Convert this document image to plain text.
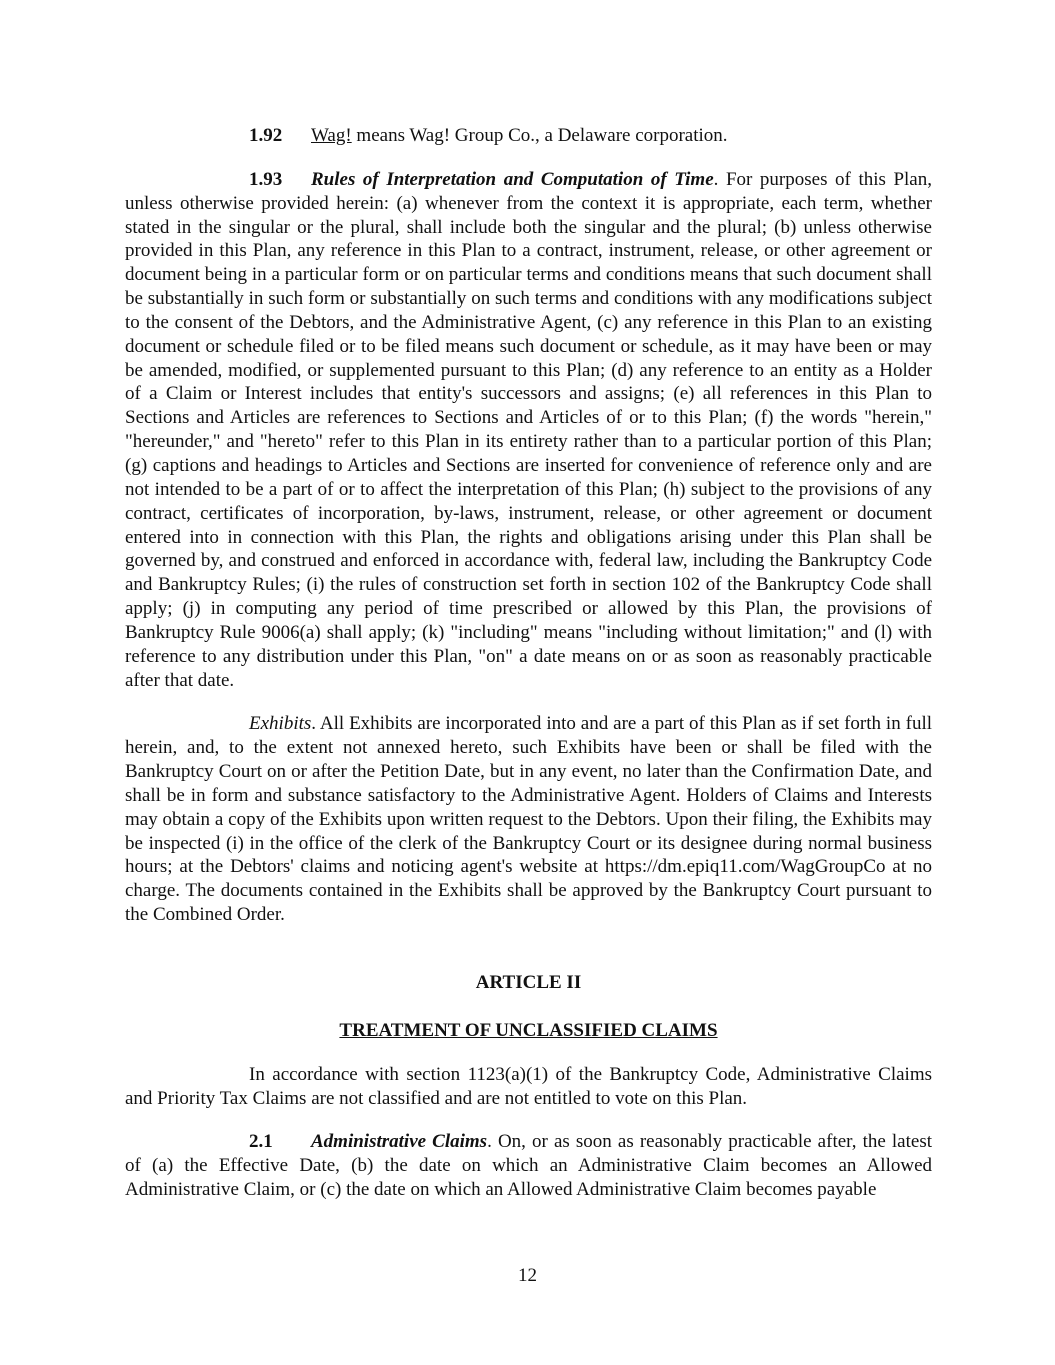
1.92 Wag! means Wag! Group Co., a Delaware corporation.

1.93 Rules of Interpretation and Computation of Time. For purposes of this Plan, unless otherwise provided herein: (a) whenever from the context it is appropriate, each term, whether stated in the singular or the plural, shall include both the singular and the plural; (b) unless otherwise provided in this Plan, any reference in this Plan to a contract, instrument, release, or other agreement or document being in a particular form or on particular terms and conditions means that such document shall be substantially in such form or substantially on such terms and conditions with any modifications subject to the consent of the Debtors, and the Administrative Agent, (c) any reference in this Plan to an existing document or schedule filed or to be filed means such document or schedule, as it may have been or may be amended, modified, or supplemented pursuant to this Plan; (d) any reference to an entity as a Holder of a Claim or Interest includes that entity's successors and assigns; (e) all references in this Plan to Sections and Articles are references to Sections and Articles of or to this Plan; (f) the words "herein," "hereunder," and "hereto" refer to this Plan in its entirety rather than to a particular portion of this Plan; (g) captions and headings to Articles and Sections are inserted for convenience of reference only and are not intended to be a part of or to affect the interpretation of this Plan; (h) subject to the provisions of any contract, certificates of incorporation, by-laws, instrument, release, or other agreement or document entered into in connection with this Plan, the rights and obligations arising under this Plan shall be governed by, and construed and enforced in accordance with, federal law, including the Bankruptcy Code and Bankruptcy Rules; (i) the rules of construction set forth in section 102 of the Bankruptcy Code shall apply; (j) in computing any period of time prescribed or allowed by this Plan, the provisions of Bankruptcy Rule 9006(a) shall apply; (k) "including" means "including without limitation;" and (l) with reference to any distribution under this Plan, "on" a date means on or as soon as reasonably practicable after that date.

Exhibits. All Exhibits are incorporated into and are a part of this Plan as if set forth in full herein, and, to the extent not annexed hereto, such Exhibits have been or shall be filed with the Bankruptcy Court on or after the Petition Date, but in any event, no later than the Confirmation Date, and shall be in form and substance satisfactory to the Administrative Agent. Holders of Claims and Interests may obtain a copy of the Exhibits upon written request to the Debtors. Upon their filing, the Exhibits may be inspected (i) in the office of the clerk of the Bankruptcy Court or its designee during normal business hours; at the Debtors' claims and noticing agent's website at https://dm.epiq11.com/WagGroupCo at no charge. The documents contained in the Exhibits shall be approved by the Bankruptcy Court pursuant to the Combined Order.

ARTICLE II

TREATMENT OF UNCLASSIFIED CLAIMS

In accordance with section 1123(a)(1) of the Bankruptcy Code, Administrative Claims and Priority Tax Claims are not classified and are not entitled to vote on this Plan.

2.1 Administrative Claims. On, or as soon as reasonably practicable after, the latest of (a) the Effective Date, (b) the date on which an Administrative Claim becomes an Allowed Administrative Claim, or (c) the date on which an Allowed Administrative Claim becomes payable

12
